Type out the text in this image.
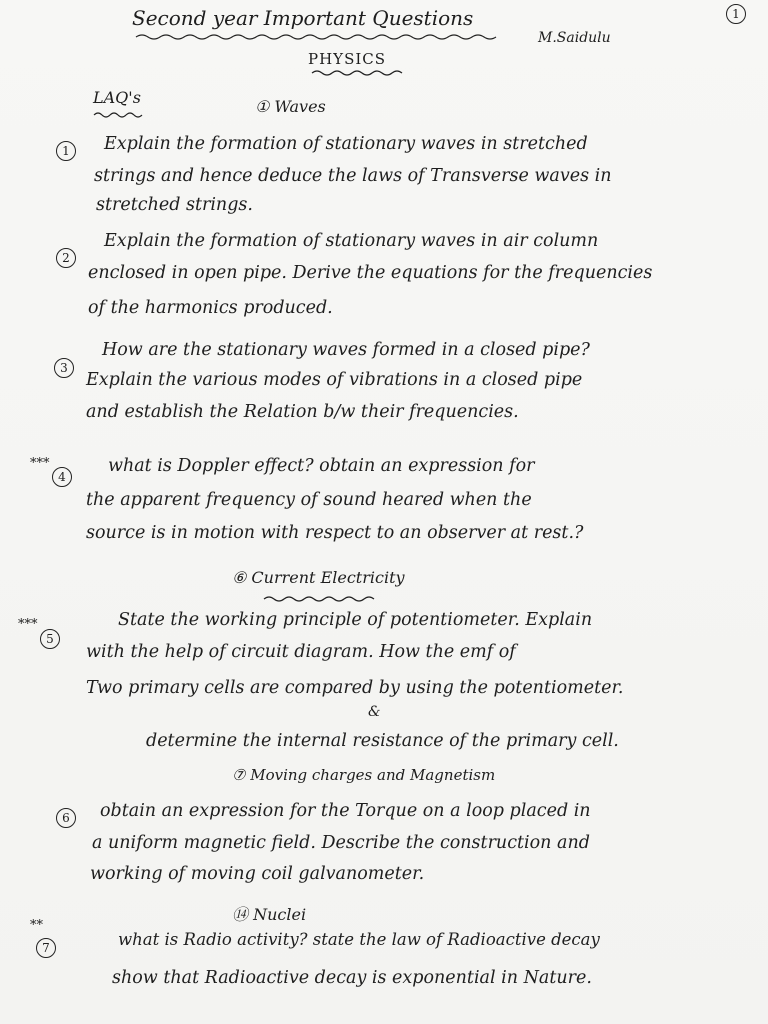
Second year Important Questions	1
M.Saidulu
PHYSICS
LAQ's	① Waves
1	Explain the formation of stationary waves in stretched
strings and hence deduce the laws of Transverse waves in
stretched strings.
2
Explain the formation of stationary waves in air column
enclosed in open pipe. Derive the equations for the frequencies
of the harmonics produced.
3
How are the stationary waves formed in a closed pipe?
Explain the various modes of vibrations in a closed pipe
and establish the Relation b/w their frequencies.
***
4
what is Doppler effect? obtain an expression for
the apparent frequency of sound heared when the
source is in motion with respect to an observer at rest.?
⑥ Current Electricity
***
5
State the working principle of potentiometer. Explain
with the help of circuit diagram. How the emf of
Two primary cells are compared by using the potentiometer.
&
determine the internal resistance of the primary cell.
⑦ Moving charges and Magnetism
6	obtain an expression for the Torque on a loop placed in
a uniform magnetic field. Describe the construction and
working of moving coil galvanometer.
⑭ Nuclei
**
7	what is Radio activity? state the law of Radioactive decay
show that Radioactive decay is exponential in Nature.
